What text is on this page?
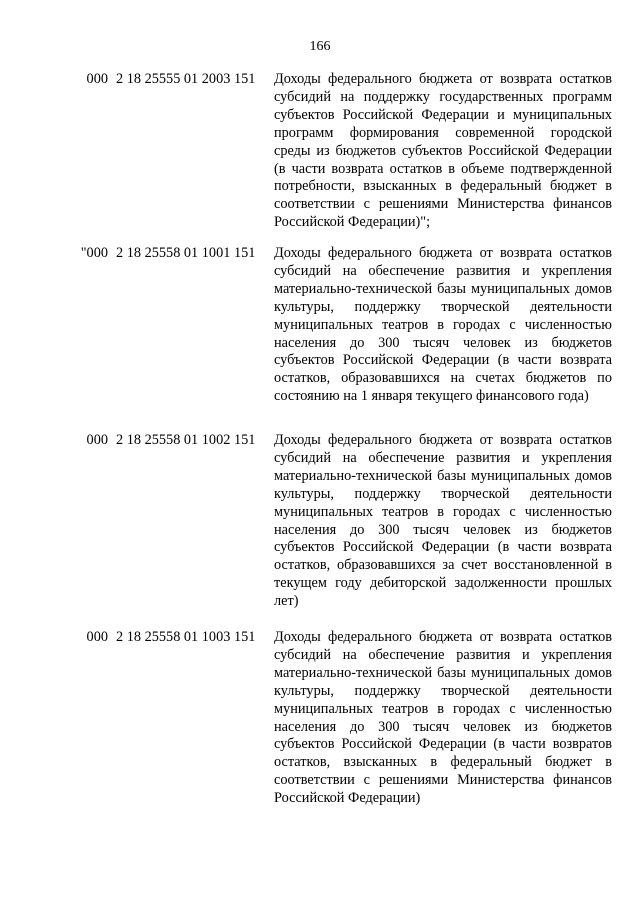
166
000 2 18 25555 01 2003 151	Доходы федерального бюджета от возврата остатков субсидий на поддержку государственных программ субъектов Российской Федерации и муниципальных программ формирования современной городской среды из бюджетов субъектов Российской Федерации (в части возврата остатков в объеме подтвержденной потребности, взысканных в федеральный бюджет в соответствии с решениями Министерства финансов Российской Федерации)";
"000 2 18 25558 01 1001 151	Доходы федерального бюджета от возврата остатков субсидий на обеспечение развития и укрепления материально-технической базы муниципальных домов культуры, поддержку творческой деятельности муниципальных театров в городах с численностью населения до 300 тысяч человек из бюджетов субъектов Российской Федерации (в части возврата остатков, образовавшихся на счетах бюджетов по состоянию на 1 января текущего финансового года)
000 2 18 25558 01 1002 151	Доходы федерального бюджета от возврата остатков субсидий на обеспечение развития и укрепления материально-технической базы муниципальных домов культуры, поддержку творческой деятельности муниципальных театров в городах с численностью населения до 300 тысяч человек из бюджетов субъектов Российской Федерации (в части возврата остатков, образовавшихся за счет восстановленной в текущем году дебиторской задолженности прошлых лет)
000 2 18 25558 01 1003 151	Доходы федерального бюджета от возврата остатков субсидий на обеспечение развития и укрепления материально-технической базы муниципальных домов культуры, поддержку творческой деятельности муниципальных театров в городах с численностью населения до 300 тысяч человек из бюджетов субъектов Российской Федерации (в части возвратов остатков, взысканных в федеральный бюджет в соответствии с решениями Министерства финансов Российской Федерации)
